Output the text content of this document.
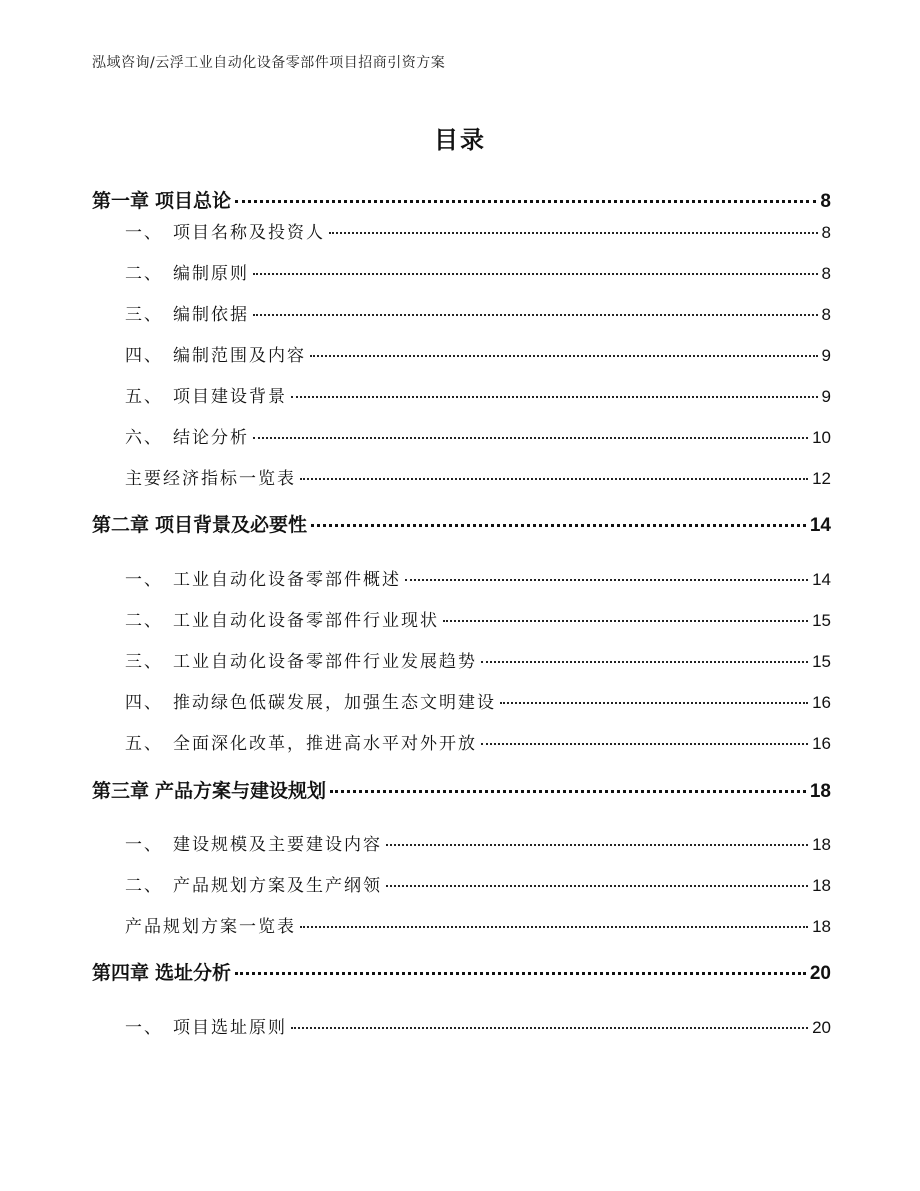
泓域咨询/云浮工业自动化设备零部件项目招商引资方案
目录
第一章 项目总论	8
一、 项目名称及投资人	8
二、 编制原则	8
三、 编制依据	8
四、 编制范围及内容	9
五、 项目建设背景	9
六、 结论分析	10
主要经济指标一览表	12
第二章 项目背景及必要性	14
一、 工业自动化设备零部件概述	14
二、 工业自动化设备零部件行业现状	15
三、 工业自动化设备零部件行业发展趋势	15
四、 推动绿色低碳发展，加强生态文明建设	16
五、 全面深化改革，推进高水平对外开放	16
第三章 产品方案与建设规划	18
一、 建设规模及主要建设内容	18
二、 产品规划方案及生产纲领	18
产品规划方案一览表	18
第四章 选址分析	20
一、 项目选址原则	20
